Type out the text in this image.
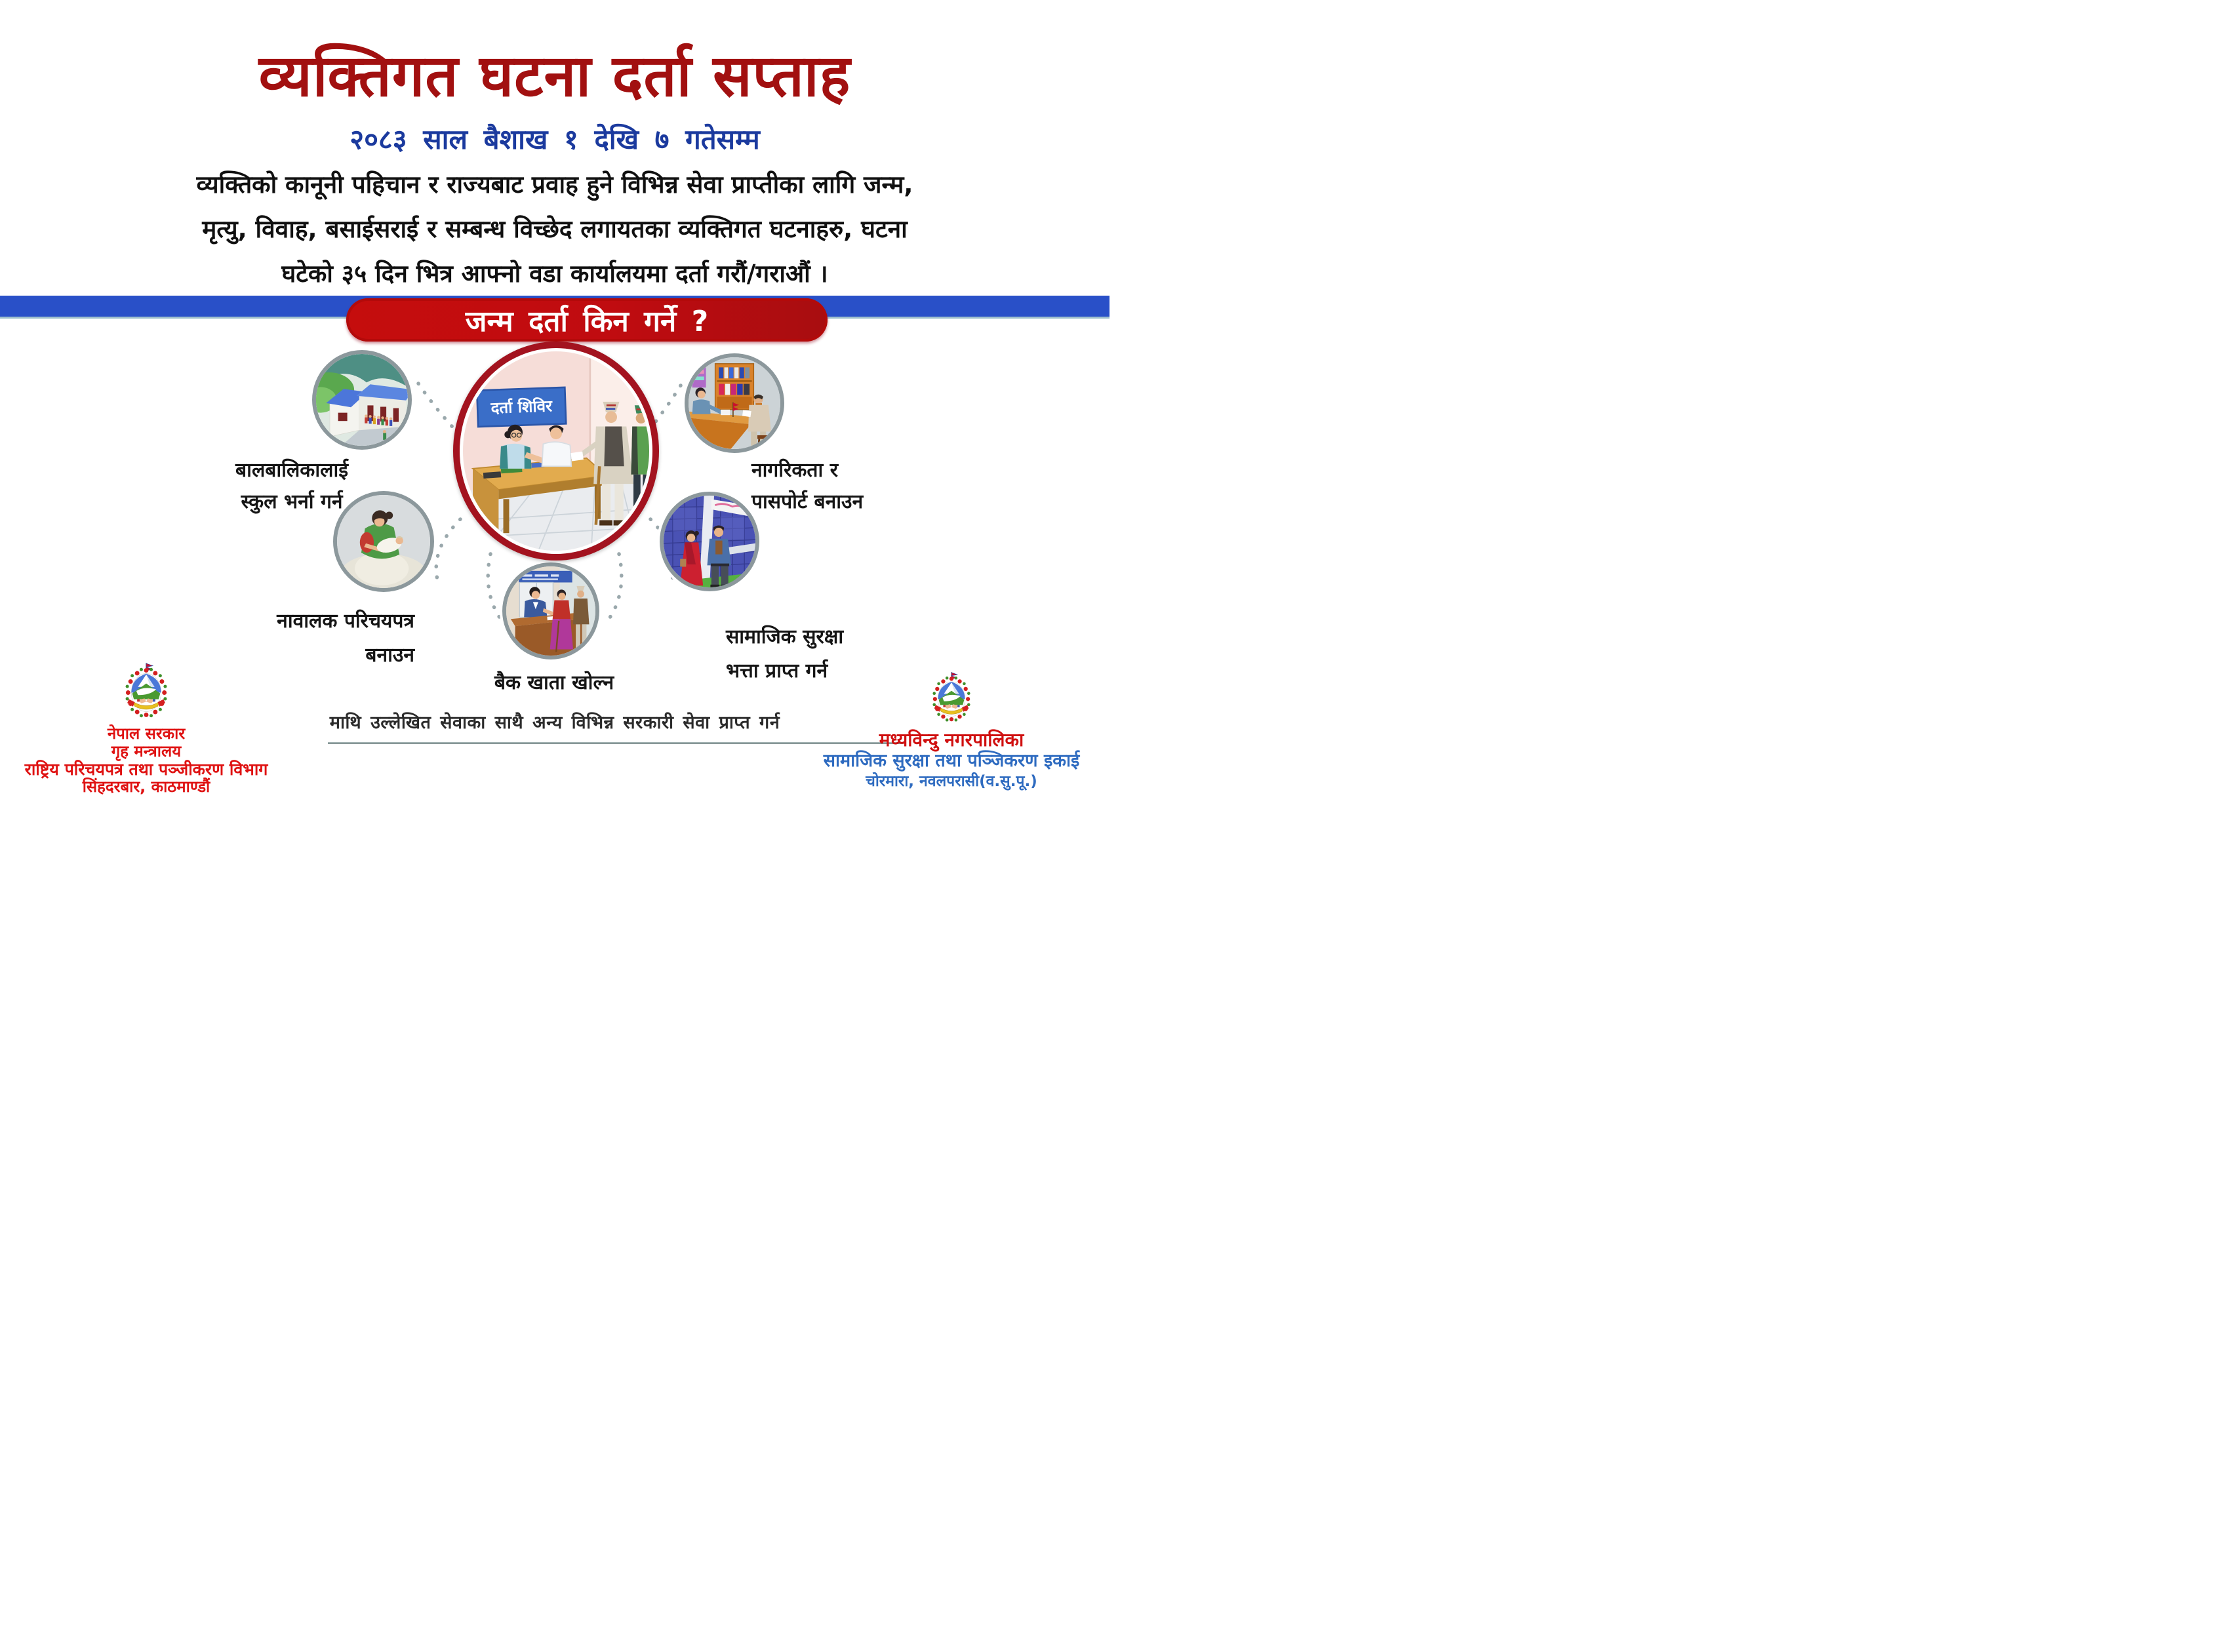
व्यक्तिगत घटना दर्ता सप्ताह
२०८३ साल बैशाख १ देखि ७ गतेसम्म
व्यक्तिको कानूनी पहिचान र राज्यबाट प्रवाह हुने विभिन्न सेवा प्राप्तीका लागि जन्म,
मृत्यु, विवाह, बसाईसराई र सम्बन्ध विच्छेद लगायतका व्यक्तिगत घटनाहरु, घटना
घटेको ३५ दिन भित्र आफ्नो वडा कार्यालयमा दर्ता गरौं/गराऔं ।
जन्म दर्ता किन गर्ने ?
दर्ता शिविर
बालबालिकालाई
स्कुल भर्ना गर्न
नागरिकता र
पासपोर्ट बनाउन
नावालक परिचयपत्र
बनाउन
सामाजिक सुरक्षा
भत्ता प्राप्त गर्न
बैक खाता खोल्न
माथि उल्लेखित सेवाका साथै अन्य विभिन्न सरकारी सेवा प्राप्त गर्न
नेपाल सरकार
गृह मन्त्रालय
राष्ट्रिय परिचयपत्र तथा पञ्जीकरण विभाग
सिंहदरबार, काठमाण्डौं
मध्यविन्दु नगरपालिका
सामाजिक सुरक्षा तथा पञ्जिकरण इकाई
चोरमारा, नवलपरासी(व.सु.पू.)
